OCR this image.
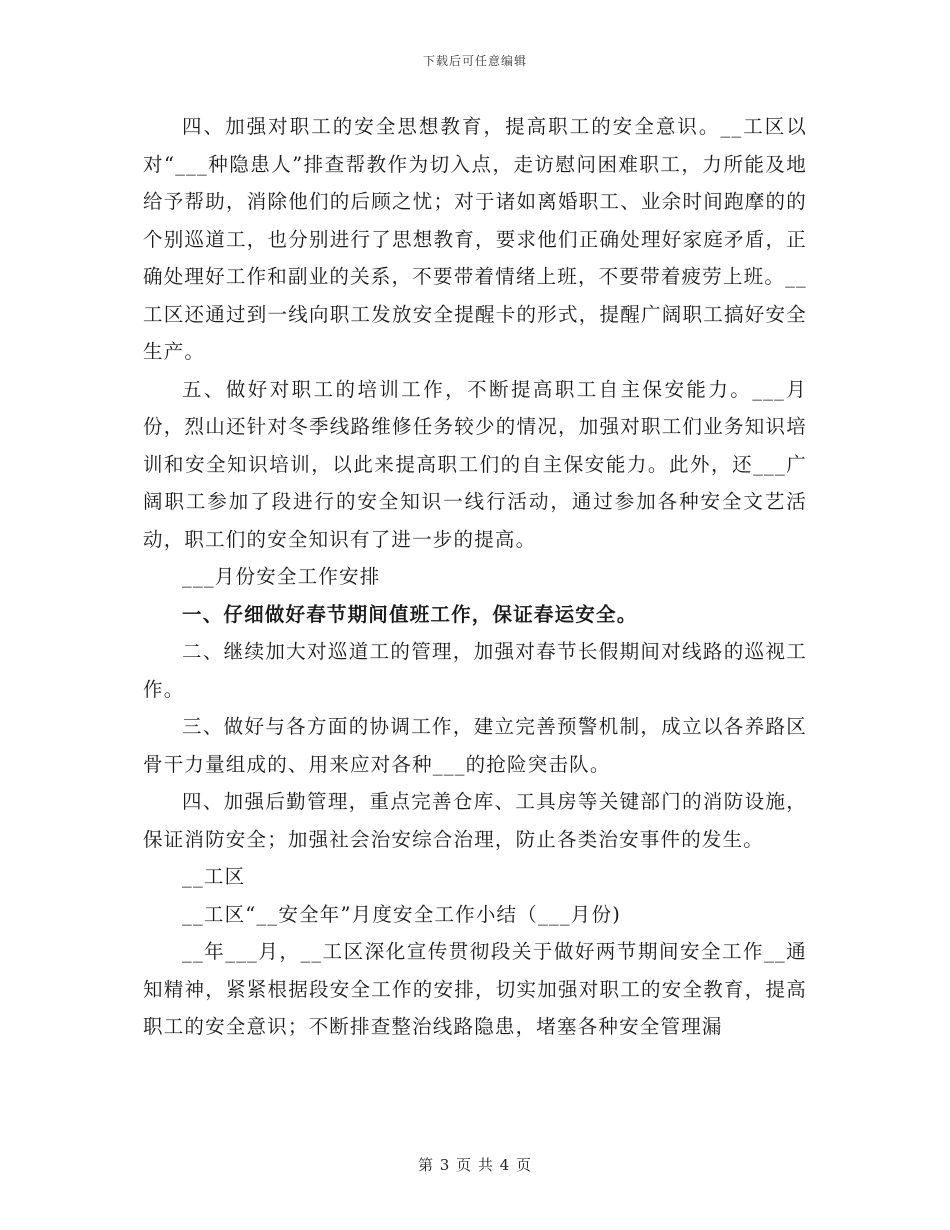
下载后可任意编辑

四、加强对职工的安全思想教育，提高职工的安全意识。__工区以对“___种隐患人”排查帮教作为切入点，走访慰问困难职工，力所能及地给予帮助，消除他们的后顾之忧；对于诸如离婚职工、业余时间跑摩的的个别巡道工，也分别进行了思想教育，要求他们正确处理好家庭矛盾，正确处理好工作和副业的关系，不要带着情绪上班，不要带着疲劳上班。__工区还通过到一线向职工发放安全提醒卡的形式，提醒广阔职工搞好安全生产。

五、做好对职工的培训工作，不断提高职工自主保安能力。___月份，烈山还针对冬季线路维修任务较少的情况，加强对职工们业务知识培训和安全知识培训，以此来提高职工们的自主保安能力。此外，还___广阔职工参加了段进行的安全知识一线行活动，通过参加各种安全文艺活动，职工们的安全知识有了进一步的提高。

___月份安全工作安排

一、仔细做好春节期间值班工作，保证春运安全。

二、继续加大对巡道工的管理，加强对春节长假期间对线路的巡视工作。

三、做好与各方面的协调工作，建立完善预警机制，成立以各养路区骨干力量组成的、用来应对各种___的抢险突击队。

四、加强后勤管理，重点完善仓库、工具房等关键部门的消防设施，保证消防安全；加强社会治安综合治理，防止各类治安事件的发生。

__工区

__工区“__安全年”月度安全工作小结（___月份)

__年___月，__工区深化宣传贯彻段关于做好两节期间安全工作__通知精神，紧紧根据段安全工作的安排，切实加强对职工的安全教育，提高职工的安全意识；不断排查整治线路隐患，堵塞各种安全管理漏

第 3 页 共 4 页
